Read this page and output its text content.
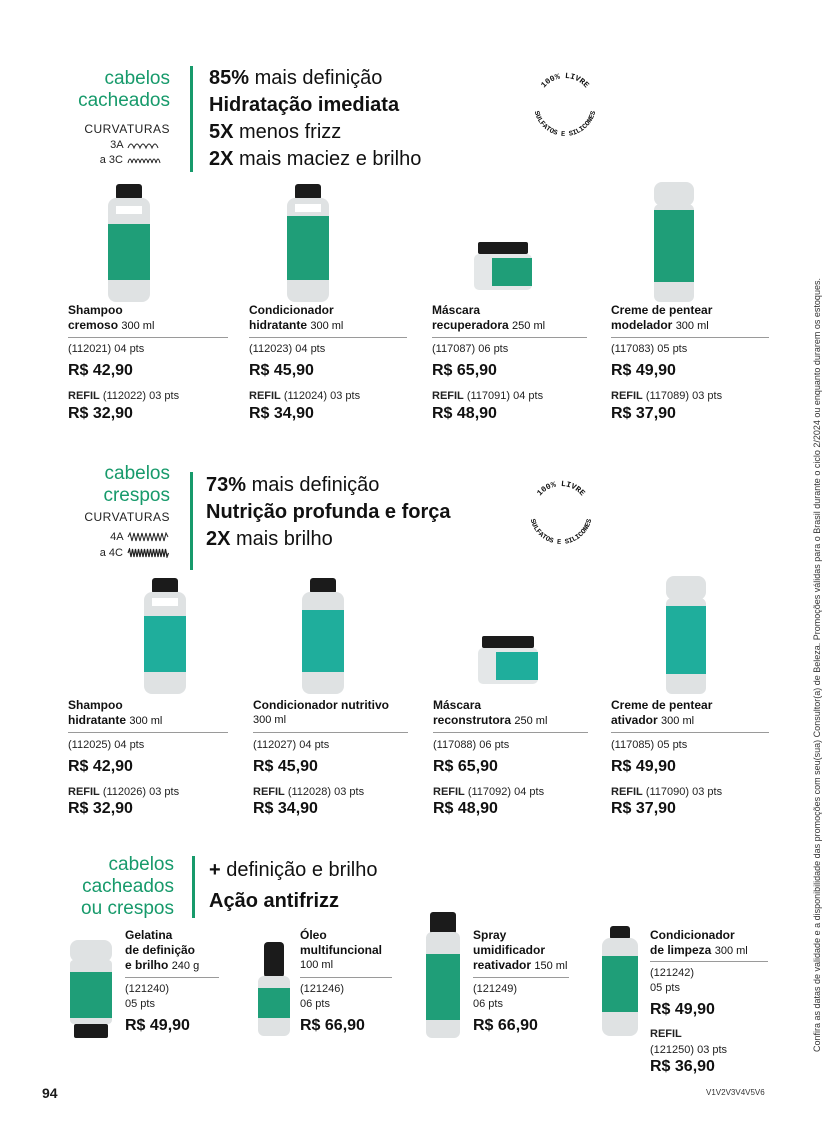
cabelos
cacheados
CURVATURAS
3A
a 3C
85% mais definição
Hidratação imediata
5X menos frizz
2X mais maciez e brilho
100% LIVRE
SULFATOS E SILICONES
Shampoo
cremoso 300 ml
(112021) 04 pts
R$ 42,90
REFIL (112022) 03 pts
R$ 32,90
Condicionador
hidratante 300 ml
(112023) 04 pts
R$ 45,90
REFIL (112024) 03 pts
R$ 34,90
Máscara
recuperadora 250 ml
(117087) 06 pts
R$ 65,90
REFIL (117091) 04 pts
R$ 48,90
Creme de pentear
modelador 300 ml
(117083) 05 pts
R$ 49,90
REFIL (117089) 03 pts
R$ 37,90
cabelos
crespos
CURVATURAS
4A
a 4C
73% mais definição
Nutrição profunda e força
2X mais brilho
100% LIVRE
SULFATOS E SILICONES
Shampoo
hidratante 300 ml
(112025) 04 pts
R$ 42,90
REFIL (112026) 03 pts
R$ 32,90
Condicionador nutritivo
300 ml
(112027) 04 pts
R$ 45,90
REFIL (112028) 03 pts
R$ 34,90
Máscara
reconstrutora 250 ml
(117088) 06 pts
R$ 65,90
REFIL (117092) 04 pts
R$ 48,90
Creme de pentear
ativador 300 ml
(117085) 05 pts
R$ 49,90
REFIL (117090) 03 pts
R$ 37,90
cabelos
cacheados
ou crespos
+ definição e brilho
Ação antifrizz
Gelatina
de definição
e brilho 240 g
(121240)
05 pts
R$ 49,90
Óleo
multifuncional
100 ml
(121246)
06 pts
R$ 66,90
Spray
umidificador
reativador 150 ml
(121249)
06 pts
R$ 66,90
Condicionador
de limpeza 300 ml
(121242)
05 pts
R$ 49,90
REFIL
(121250) 03 pts
R$ 36,90
Confira as datas de validade e a disponibilidade das promoções com seu(sua) Consultor(a) de Beleza. Promoções válidas para o Brasil durante o ciclo 2/2024 ou enquanto durarem os estoques.
94	V1V2V3V4V5V6
